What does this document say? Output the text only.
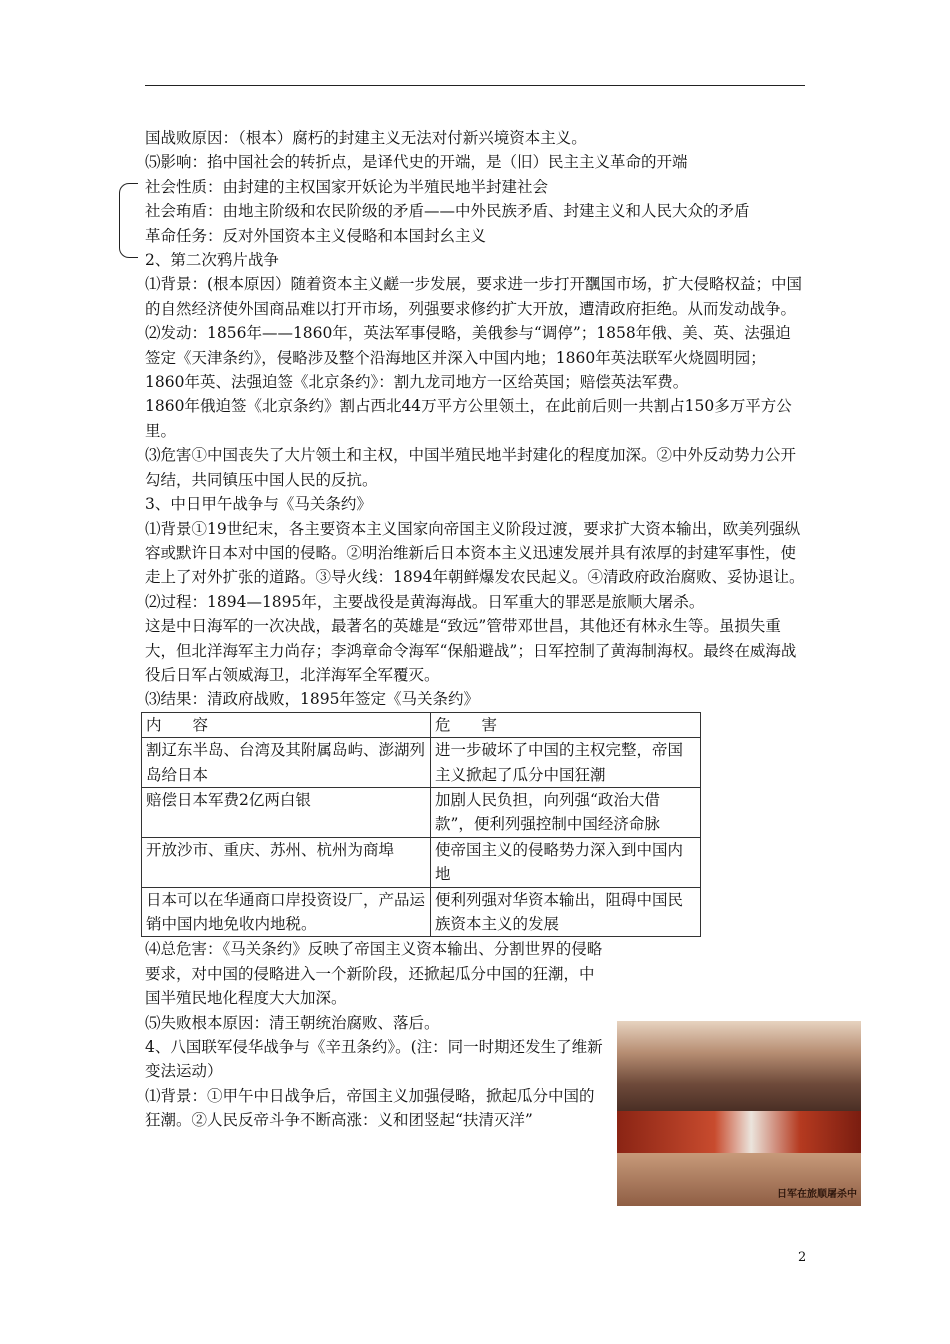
国战败原因：（根本）腐朽的封建主义无法对付新兴境资本主义。

⑸影响：掐中国社会的转折点，是译代史的开端，是（旧）民主主义革命的开端

社会性质：由封建的主权国家开妖论为半殖民地半封建社会

社会珛盾：由地主阶级和农民阶级的矛盾——中外民族矛盾、封建主义和人民大众的矛盾

革命任务：反对外国资本主义侵略和本国封幺主义

2、第二次鸦片战争

⑴背景：(根本原因）随着资本主义鹺一步发展，要求进一步打开飁国市场，扩大侵略权益；中国的自然经济使外国商品难以打开市场，列强要求修约扩大开放，遭清政府拒绝。从而发动战争。

⑵发动：1856年——1860年，英法军事侵略，美俄参与“调停”；1858年俄、美、英、法强迫签定《天津条约》，侵略涉及整个沿海地区并深入中国内地；1860年英法联军火烧圆明园；1860年英、法强迫签《北京条约》：割九龙司地方一区给英国；赔偿英法军费。

1860年俄迫签《北京条约》割占西北44万平方公里领土，在此前后则一共割占150多万平方公里。

⑶危害①中国丧失了大片领土和主权，中国半殖民地半封建化的程度加深。②中外反动势力公开勾结，共同镇压中国人民的反抗。

3、中日甲午战争与《马关条约》

⑴背景①19世纪末，各主要资本主义国家向帝国主义阶段过渡，要求扩大资本输出，欧美列强纵容或默许日本对中国的侵略。②明治维新后日本资本主义迅速发展并具有浓厚的封建军事性，使走上了对外扩张的道路。③导火线：1894年朝鲜爆发农民起义。④清政府政治腐败、妥协退让。

⑵过程：1894—1895年，主要战役是黄海海战。日军重大的罪恶是旅顺大屠杀。

这是中日海军的一次决战，最著名的英雄是“致远”管带邓世昌，其他还有林永生等。虽损失重大，但北洋海军主力尚存；李鸿章命令海军“保船避战”；日军控制了黄海制海权。最终在威海战役后日军占领威海卫，北洋海军全军覆灭。

⑶结果：清政府战败，1895年签定《马关条约》

内　　容	危　　害
割辽东半岛、台湾及其附属岛屿、澎湖列岛给日本	进一步破坏了中国的主权完整，帝国主义掀起了瓜分中国狂潮
赔偿日本军费2亿两白银	加剧人民负担，向列强“政治大借款”，便利列强控制中国经济命脉
开放沙市、重庆、苏州、杭州为商埠	使帝国主义的侵略势力深入到中国内地
日本可以在华通商口岸投资设厂，产品运销中国内地免收内地税。	便利列强对华资本输出，阻碍中国民族资本主义的发展

⑷总危害：《马关条约》反映了帝国主义资本输出、分割世界的侵略要求，对中国的侵略进入一个新阶段，还掀起瓜分中国的狂潮，中国半殖民地化程度大大加深。

⑸失败根本原因：清王朝统治腐败、落后。

4、八国联军侵华战争与《辛丑条约》。(注：同一时期还发生了维新变法运动）

⑴背景：①甲午中日战争后，帝国主义加强侵略，掀起瓜分中国的狂潮。②人民反帝斗争不断高涨：义和团竖起“扶清灭洋”

日军在旅顺屠杀中
2
